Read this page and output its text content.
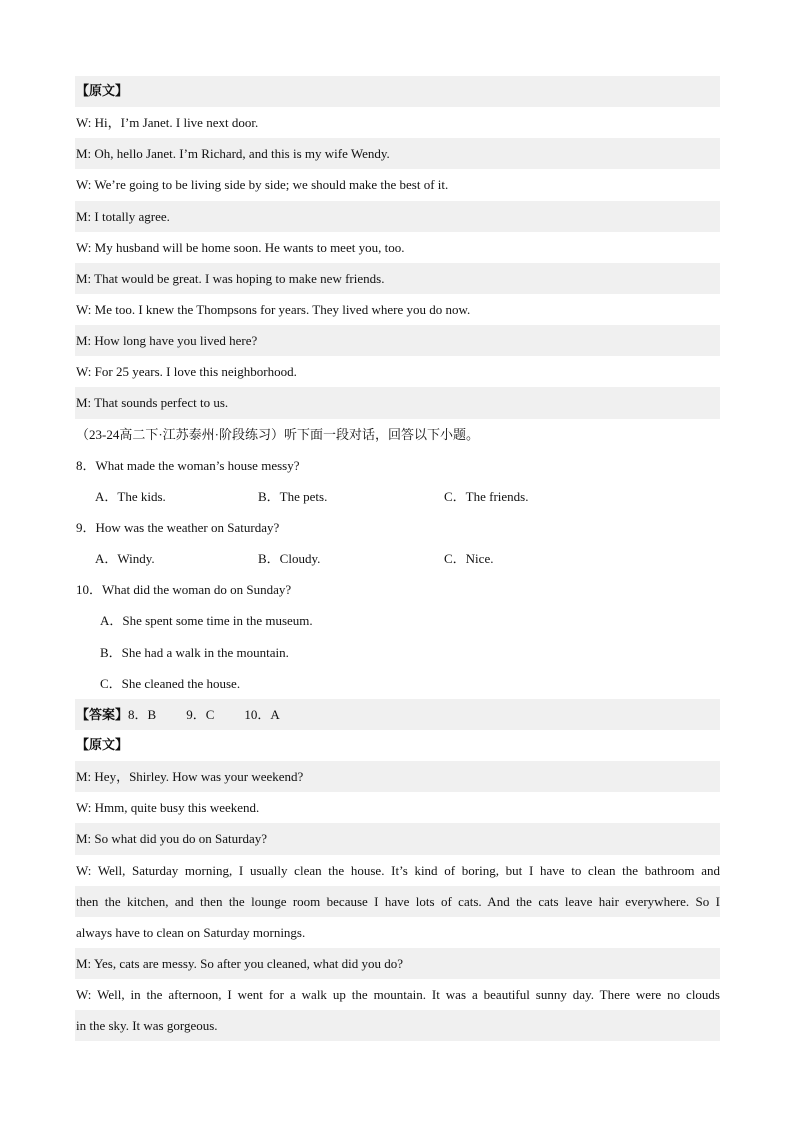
【原文】
W: Hi，I’m Janet. I live next door.
M: Oh, hello Janet. I’m Richard, and this is my wife Wendy.
W: We’re going to be living side by side; we should make the best of it.
M: I totally agree.
W: My husband will be home soon. He wants to meet you, too.
M: That would be great. I was hoping to make new friends.
W: Me too. I knew the Thompsons for years. They lived where you do now.
M: How long have you lived here?
W: For 25 years. I love this neighborhood.
M: That sounds perfect to us.
（23-24高二下·江苏泰州·阶段练习）听下面一段对话，回答以下小题。
8．What made the woman’s house messy?
A．The kids.	B．The pets.	C．The friends.
9．How was the weather on Saturday?
A．Windy.	B．Cloudy.	C．Nice.
10．What did the woman do on Sunday?
A．She spent some time in the museum.
B．She had a walk in the mountain.
C．She cleaned the house.
【答案】8．B 9．C 10．A
【原文】
M: Hey，Shirley. How was your weekend?
W: Hmm, quite busy this weekend.
M: So what did you do on Saturday?
W: Well, Saturday morning, I usually clean the house. It’s kind of boring, but I have to clean the bathroom and
then the kitchen, and then the lounge room because I have lots of cats. And the cats leave hair everywhere. So I
always have to clean on Saturday mornings.
M: Yes, cats are messy. So after you cleaned, what did you do?
W: Well, in the afternoon, I went for a walk up the mountain. It was a beautiful sunny day. There were no clouds
in the sky. It was gorgeous.
